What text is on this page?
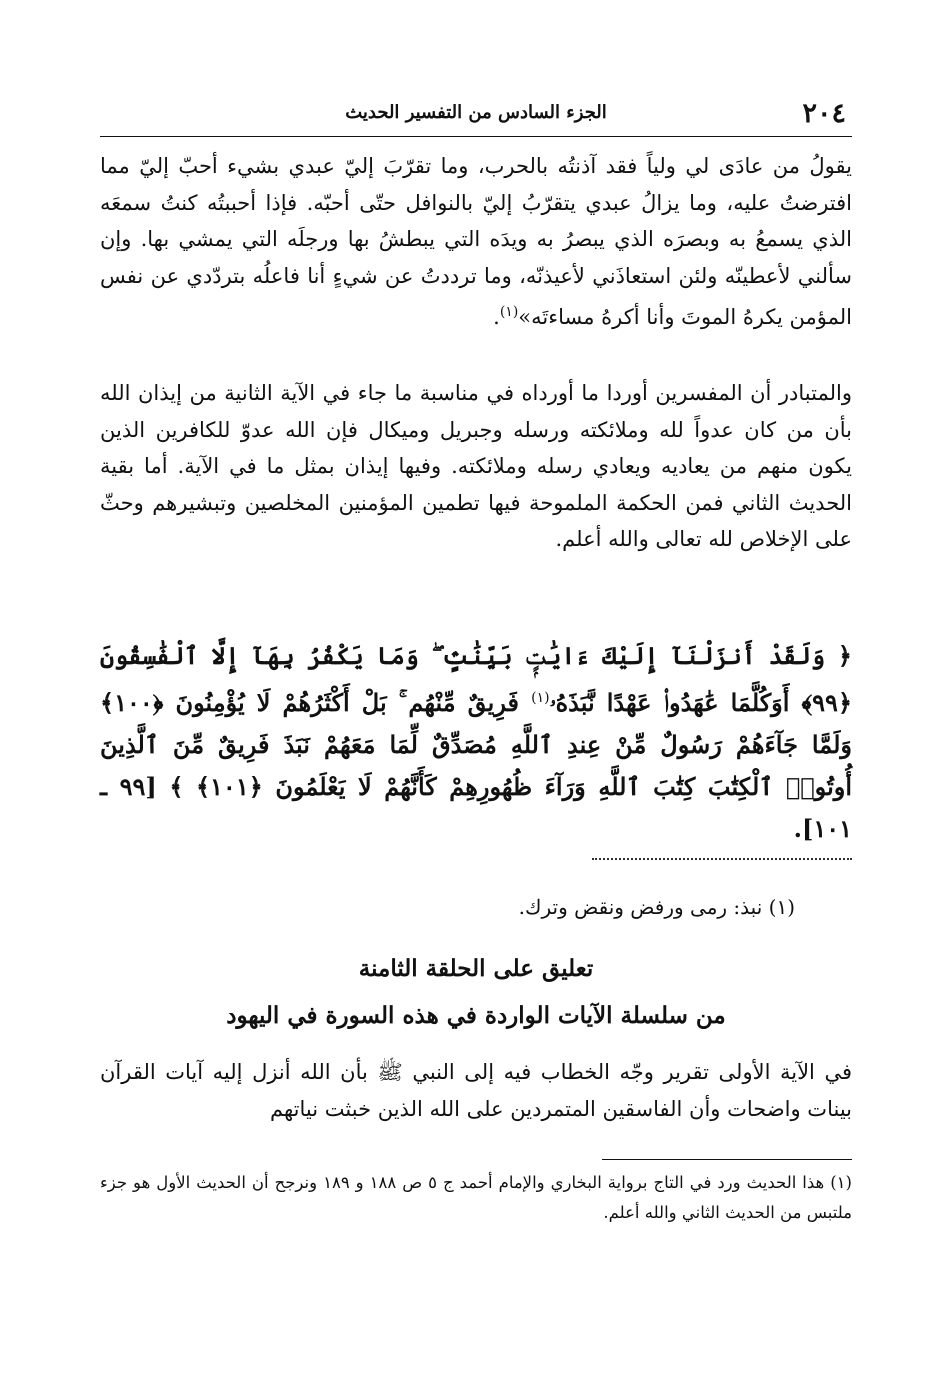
٢٠٤
الجزء السادس من التفسير الحديث

يقولُ من عادَى لي ولياً فقد آذنتُه بالحرب، وما تقرّبَ إليّ عبدي بشيء أحبّ إليّ مما افترضتُ عليه، وما يزالُ عبدي يتقرّبُ إليّ بالنوافل حتّى أحبّه. فإذا أحببتُه كنتُ سمعَه الذي يسمعُ به وبصرَه الذي يبصرُ به ويدَه التي يبطشُ بها ورجلَه التي يمشي بها. وإن سألني لأعطينّه ولئن استعاذَني لأعيذنّه، وما ترددتُ عن شيءٍ أنا فاعلُه بتردّدي عن نفس المؤمن يكرهُ الموتَ وأنا أكرهُ مساءتَه»$^{(١)}$.

والمتبادر أن المفسرين أوردا ما أورداه في مناسبة ما جاء في الآية الثانية من إيذان الله بأن من كان عدواً لله وملائكته ورسله وجبريل وميكال فإن الله عدوّ للكافرين الذين يكون منهم من يعاديه ويعادي رسله وملائكته. وفيها إيذان بمثل ما في الآية. أما بقية الحديث الثاني فمن الحكمة الملموحة فيها تطمين المؤمنين المخلصين وتبشيرهم وحثّ على الإخلاص لله تعالى والله أعلم.

﴿ وَلَقَدْ أَنزَلْنَآ إِلَيْكَ ءَايَٰتٍۭ بَيِّنَٰتٍۢ ۖ وَمَا يَكْفُرُ بِهَآ إِلَّا ٱلْفَٰسِقُونَ ﴿٩٩﴾ أَوَكُلَّمَا عَٰهَدُوا۟ عَهْدًا نَّبَذَهُۥ$^{(١)}$ فَرِيقٌ مِّنْهُم ۚ بَلْ أَكْثَرُهُمْ لَا يُؤْمِنُونَ ﴿١٠٠﴾ وَلَمَّا جَآءَهُمْ رَسُولٌ مِّنْ عِندِ ٱللَّهِ مُصَدِّقٌ لِّمَا مَعَهُمْ نَبَذَ فَرِيقٌ مِّنَ ٱلَّذِينَ أُوتُوا۟ ٱلْكِتَٰبَ كِتَٰبَ ٱللَّهِ وَرَآءَ ظُهُورِهِمْ كَأَنَّهُمْ لَا يَعْلَمُونَ ﴿١٠١﴾ ﴾ [٩٩ ـ ١٠١].

(١) نبذ: رمى ورفض ونقض وترك.

تعليق على الحلقة الثامنة
من سلسلة الآيات الواردة في هذه السورة في اليهود

في الآية الأولى تقرير وجّه الخطاب فيه إلى النبي ﷺ بأن الله أنزل إليه آيات القرآن بينات واضحات وأن الفاسقين المتمردين على الله الذين خبثت نياتهم

(١) هذا الحديث ورد في التاج برواية البخاري والإمام أحمد ج ٥ ص ١٨٨ و ١٨٩ ونرجح أن الحديث الأول هو جزء ملتبس من الحديث الثاني والله أعلم.
